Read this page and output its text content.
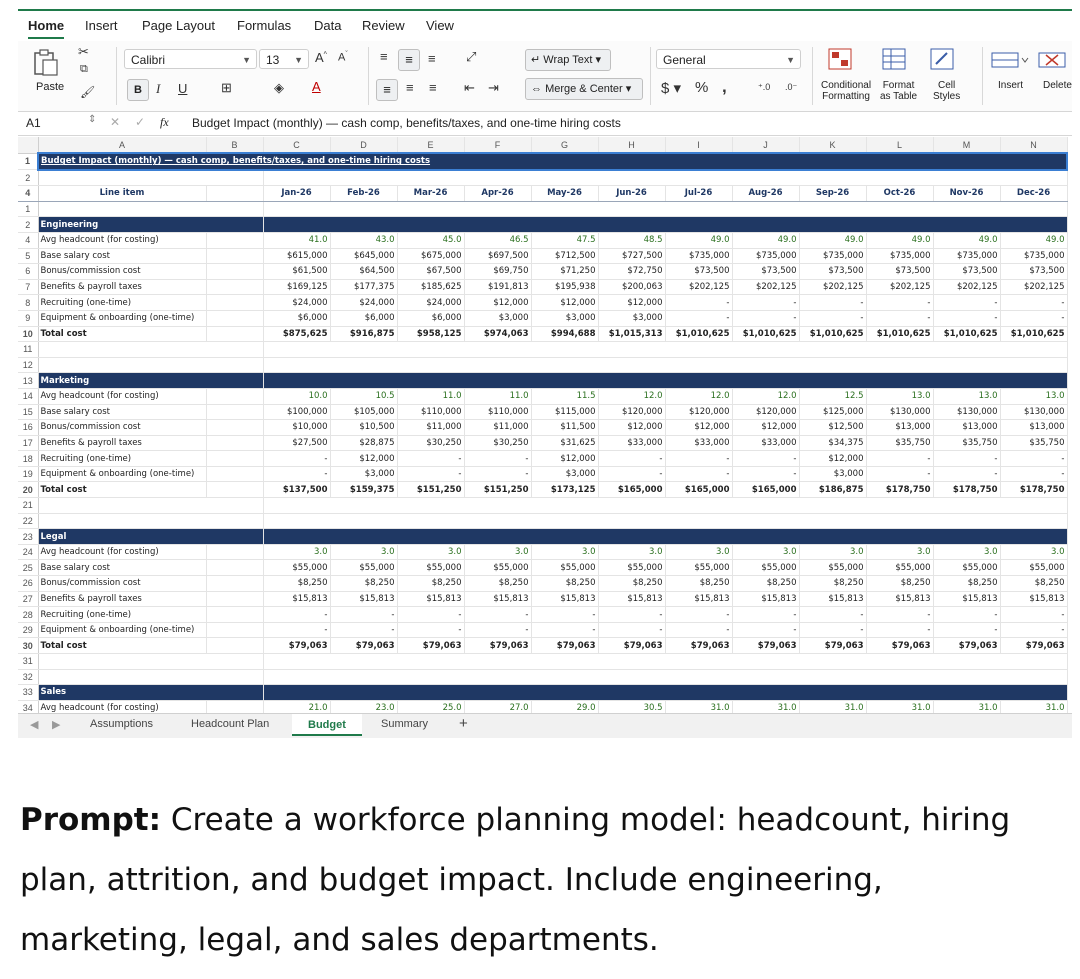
Home Insert Page Layout Formulas Data Review View
Paste
✂
⧉
🖌
Calibri	▼	13 ▼ A^ $A^ˇ$
B	I U	⊞	◈ A
≡	≡	≡ ⤢
≡	≡ ≡ ⇤ ⇥
↵ Wrap Text ▾
⇔ Merge & Center ▾
General	▼
$ ▾ % ,	⁺.0 .0⁻ Conditional
Formatting
Format
as Table
Cell
Styles
Insert Delete
A1	⇕ ✕ ✓ fx Budget Impact (monthly) — cash comp, benefits/taxes, and one-time hiring costs
	A	B	C	D	E	F	G	H	I	J	K	L	M	N
1	Budget Impact (monthly) — cash comp, benefits/taxes, and one-time hiring costs													
2														
4	Line item		Jan-26	Feb-26	Mar-26	Apr-26	May-26	Jun-26	Jul-26	Aug-26	Sep-26	Oct-26	Nov-26	Dec-26
1														
2	Engineering													
4	Avg headcount (for costing)		41.0	43.0	45.0	46.5	47.5	48.5	49.0	49.0	49.0	49.0	49.0	49.0
5	Base salary cost		$615,000	$645,000	$675,000	$697,500	$712,500	$727,500	$735,000	$735,000	$735,000	$735,000	$735,000	$735,000
6	Bonus/commission cost		$61,500	$64,500	$67,500	$69,750	$71,250	$72,750	$73,500	$73,500	$73,500	$73,500	$73,500	$73,500
7	Benefits & payroll taxes		$169,125	$177,375	$185,625	$191,813	$195,938	$200,063	$202,125	$202,125	$202,125	$202,125	$202,125	$202,125
8	Recruiting (one-time)		$24,000	$24,000	$24,000	$12,000	$12,000	$12,000	-	-	-	-	-	-
9	Equipment & onboarding (one-time)		$6,000	$6,000	$6,000	$3,000	$3,000	$3,000	-	-	-	-	-	-
10	Total cost		$875,625	$916,875	$958,125	$974,063	$994,688	$1,015,313	$1,010,625	$1,010,625	$1,010,625	$1,010,625	$1,010,625	$1,010,625
11														
12														
13	Marketing													
14	Avg headcount (for costing)		10.0	10.5	11.0	11.0	11.5	12.0	12.0	12.0	12.5	13.0	13.0	13.0
15	Base salary cost		$100,000	$105,000	$110,000	$110,000	$115,000	$120,000	$120,000	$120,000	$125,000	$130,000	$130,000	$130,000
16	Bonus/commission cost		$10,000	$10,500	$11,000	$11,000	$11,500	$12,000	$12,000	$12,000	$12,500	$13,000	$13,000	$13,000
17	Benefits & payroll taxes		$27,500	$28,875	$30,250	$30,250	$31,625	$33,000	$33,000	$33,000	$34,375	$35,750	$35,750	$35,750
18	Recruiting (one-time)		-	$12,000	-	-	$12,000	-	-	-	$12,000	-	-	-
19	Equipment & onboarding (one-time)		-	$3,000	-	-	$3,000	-	-	-	$3,000	-	-	-
20	Total cost		$137,500	$159,375	$151,250	$151,250	$173,125	$165,000	$165,000	$165,000	$186,875	$178,750	$178,750	$178,750
21														
22														
23	Legal													
24	Avg headcount (for costing)		3.0	3.0	3.0	3.0	3.0	3.0	3.0	3.0	3.0	3.0	3.0	3.0
25	Base salary cost		$55,000	$55,000	$55,000	$55,000	$55,000	$55,000	$55,000	$55,000	$55,000	$55,000	$55,000	$55,000
26	Bonus/commission cost		$8,250	$8,250	$8,250	$8,250	$8,250	$8,250	$8,250	$8,250	$8,250	$8,250	$8,250	$8,250
27	Benefits & payroll taxes		$15,813	$15,813	$15,813	$15,813	$15,813	$15,813	$15,813	$15,813	$15,813	$15,813	$15,813	$15,813
28	Recruiting (one-time)		-	-	-	-	-	-	-	-	-	-	-	-
29	Equipment & onboarding (one-time)		-	-	-	-	-	-	-	-	-	-	-	-
30	Total cost		$79,063	$79,063	$79,063	$79,063	$79,063	$79,063	$79,063	$79,063	$79,063	$79,063	$79,063	$79,063
31														
32														
33	Sales													
34	Avg headcount (for costing)		21.0	23.0	25.0	27.0	29.0	30.5	31.0	31.0	31.0	31.0	31.0	31.0

◀ ▶	Assumptions	Headcount Plan	Budget	Summary +
Prompt: Create a workforce planning model: headcount, hiring plan, attrition, and budget impact. Include engineering, marketing, legal, and sales departments.
